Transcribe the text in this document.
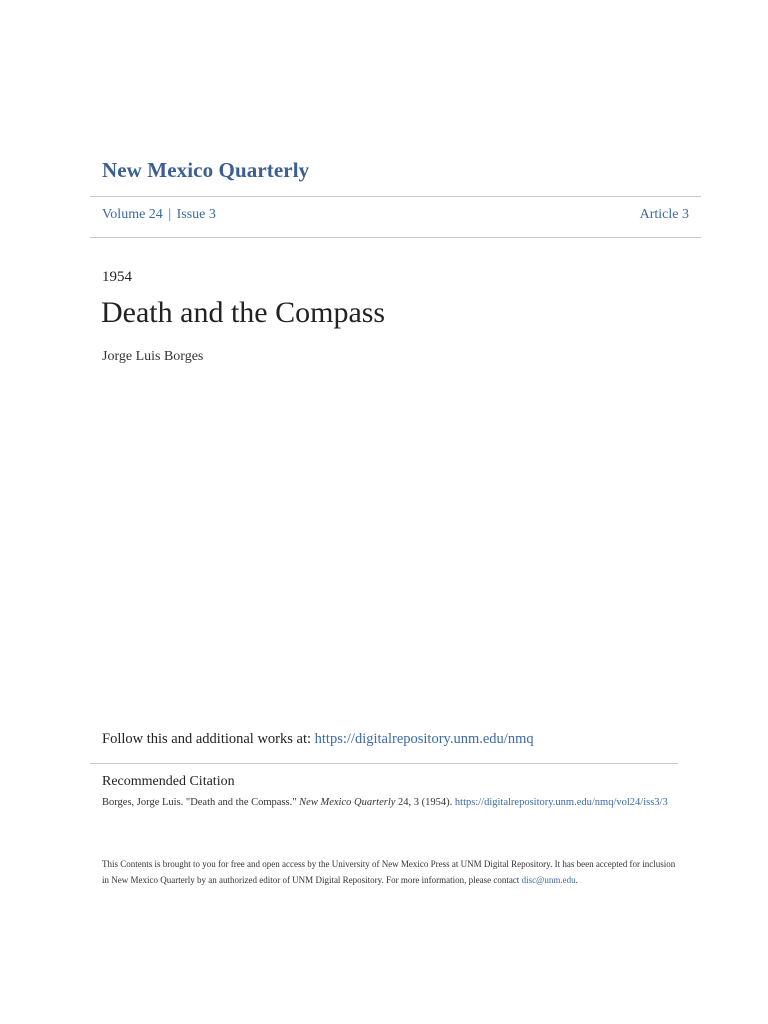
New Mexico Quarterly
Volume 24 | Issue 3	Article 3
1954
Death and the Compass
Jorge Luis Borges
Follow this and additional works at: https://digitalrepository.unm.edu/nmq
Recommended Citation
Borges, Jorge Luis. "Death and the Compass." New Mexico Quarterly 24, 3 (1954). https://digitalrepository.unm.edu/nmq/vol24/iss3/3
This Contents is brought to you for free and open access by the University of New Mexico Press at UNM Digital Repository. It has been accepted for inclusion in New Mexico Quarterly by an authorized editor of UNM Digital Repository. For more information, please contact disc@unm.edu.
